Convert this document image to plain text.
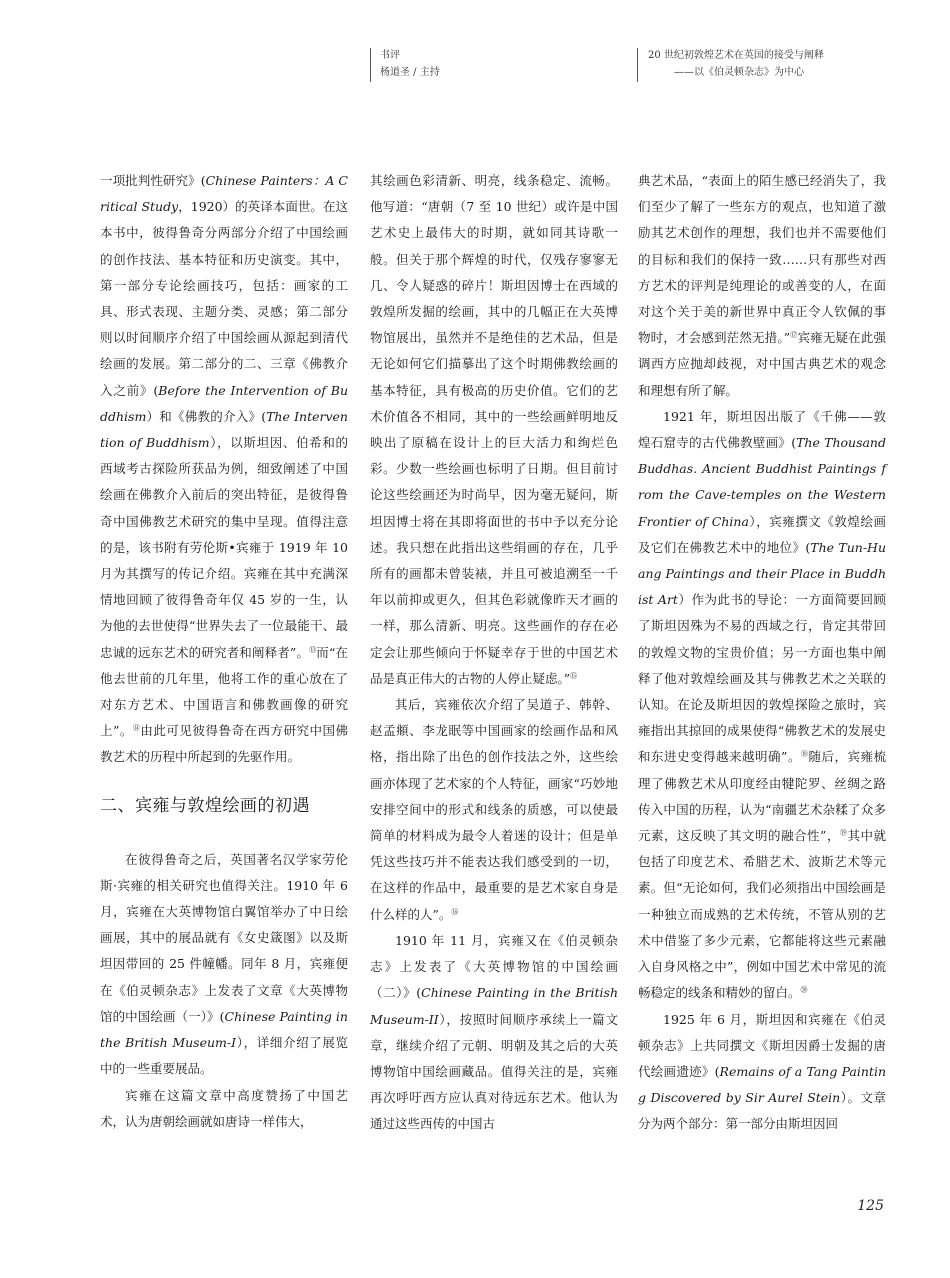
书评
杨道圣 / 主持
20 世纪初敦煌艺术在英国的接受与阐释
——以《伯灵顿杂志》为中心

一项批判性研究》(Chinese Painters：A Critical Study，1920）的英译本面世。在这本书中，彼得鲁奇分两部分介绍了中国绘画的创作技法、基本特征和历史演变。其中，第一部分专论绘画技巧，包括：画家的工具、形式表现、主题分类、灵感；第二部分则以时间顺序介绍了中国绘画从源起到清代绘画的发展。第二部分的二、三章《佛教介入之前》(Before the Intervention of Buddhism）和《佛教的介入》(The Intervention of Buddhism），以斯坦因、伯希和的西域考古探险所获品为例，细致阐述了中国绘画在佛教介入前后的突出特征，是彼得鲁奇中国佛教艺术研究的集中呈现。值得注意的是，该书附有劳伦斯•宾雍于 1919 年 10 月为其撰写的传记介绍。宾雍在其中充满深情地回顾了彼得鲁奇年仅 45 岁的一生，认为他的去世使得“世界失去了一位最能干、最忠诚的远东艺术的研究者和阐释者”。⑬而“在他去世前的几年里，他将工作的重心放在了对东方艺术、中国语言和佛教画像的研究上”。⑭由此可见彼得鲁奇在西方研究中国佛教艺术的历程中所起到的先驱作用。

二、宾雍与敦煌绘画的初遇

在彼得鲁奇之后，英国著名汉学家劳伦斯·宾雍的相关研究也值得关注。1910 年 6 月，宾雍在大英博物馆白翼馆举办了中日绘画展，其中的展品就有《女史箴图》以及斯坦因带回的 25 件幢幡。同年 8 月，宾雍便在《伯灵顿杂志》上发表了文章《大英博物馆的中国绘画（一）》(Chinese Painting in the British Museum-I），详细介绍了展览中的一些重要展品。

宾雍在这篇文章中高度赞扬了中国艺术，认为唐朝绘画就如唐诗一样伟大，

其绘画色彩清新、明亮，线条稳定、流畅。他写道：“唐朝（7 至 10 世纪）或许是中国艺术史上最伟大的时期，就如同其诗歌一般。但关于那个辉煌的时代，仅残存寥寥无几、令人疑惑的碎片！斯坦因博士在西域的敦煌所发掘的绘画，其中的几幅正在大英博物馆展出，虽然并不是绝佳的艺术品，但是无论如何它们描摹出了这个时期佛教绘画的基本特征，具有极高的历史价值。它们的艺术价值各不相同，其中的一些绘画鲜明地反映出了原稿在设计上的巨大活力和绚烂色彩。少数一些绘画也标明了日期。但目前讨论这些绘画还为时尚早，因为毫无疑问，斯坦因博士将在其即将面世的书中予以充分论述。我只想在此指出这些绢画的存在，几乎所有的画都未曾装裱，并且可被追溯至一千年以前抑或更久，但其色彩就像昨天才画的一样，那么清新、明亮。这些画作的存在必定会让那些倾向于怀疑幸存于世的中国艺术品是真正伟大的古物的人停止疑虑。”⑮

其后，宾雍依次介绍了吴道子、韩幹、赵孟頫、李龙眠等中国画家的绘画作品和风格，指出除了出色的创作技法之外，这些绘画亦体现了艺术家的个人特征，画家“巧妙地安排空间中的形式和线条的质感，可以使最简单的材料成为最令人着迷的设计；但是单凭这些技巧并不能表达我们感受到的一切，在这样的作品中，最重要的是艺术家自身是什么样的人”。⑯

1910 年 11 月，宾雍又在《伯灵顿杂志》上发表了《大英博物馆的中国绘画（二）》(Chinese Painting in the British Museum-II），按照时间顺序承续上一篇文章，继续介绍了元朝、明朝及其之后的大英博物馆中国绘画藏品。值得关注的是，宾雍再次呼吁西方应认真对待远东艺术。他认为通过这些西传的中国古

典艺术品，“表面上的陌生感已经消失了，我们至少了解了一些东方的观点，也知道了激励其艺术创作的理想，我们也并不需要他们的目标和我们的保持一致……只有那些对西方艺术的评判是纯理论的或善变的人，在面对这个关于美的新世界中真正令人钦佩的事物时，才会感到茫然无措。”⑰宾雍无疑在此强调西方应抛却歧视，对中国古典艺术的观念和理想有所了解。

1921 年，斯坦因出版了《千佛——敦煌石窟寺的古代佛教壁画》(The Thousand Buddhas. Ancient Buddhist Paintings from the Cave-temples on the Western Frontier of China），宾雍撰文《敦煌绘画及它们在佛教艺术中的地位》(The Tun-Huang Paintings and their Place in Buddhist Art）作为此书的导论：一方面简要回顾了斯坦因殊为不易的西域之行，肯定其带回的敦煌文物的宝贵价值；另一方面也集中阐释了他对敦煌绘画及其与佛教艺术之关联的认知。在论及斯坦因的敦煌探险之旅时，宾雍指出其掠回的成果使得“佛教艺术的发展史和东进史变得越来越明确”。⑱随后，宾雍梳理了佛教艺术从印度经由犍陀罗、丝绸之路传入中国的历程，认为“南疆艺术杂糅了众多元素，这反映了其文明的融合性”，⑲其中就包括了印度艺术、希腊艺术、波斯艺术等元素。但“无论如何，我们必须指出中国绘画是一种独立而成熟的艺术传统，不管从别的艺术中借鉴了多少元素，它都能将这些元素融入自身风格之中”，例如中国艺术中常见的流畅稳定的线条和精妙的留白。⑳

1925 年 6 月，斯坦因和宾雍在《伯灵顿杂志》上共同撰文《斯坦因爵士发掘的唐代绘画遗迹》(Remains of a Tang Painting Discovered by Sir Aurel Stein）。文章分为两个部分：第一部分由斯坦因回

125
